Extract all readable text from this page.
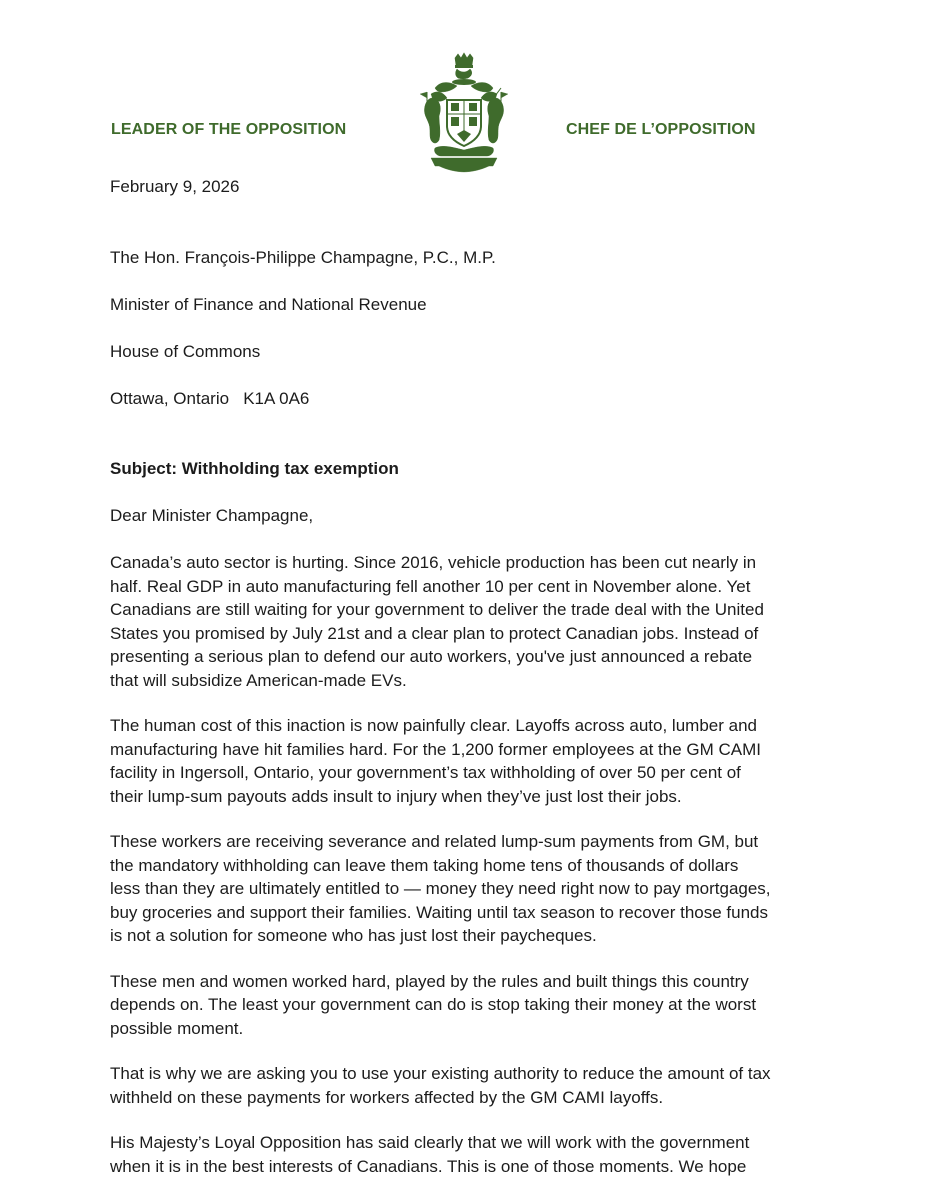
LEADER OF THE OPPOSITION	CHEF DE L’OPPOSITION

February 9, 2026

The Hon. François-Philippe Champagne, P.C., M.P.

Minister of Finance and National Revenue

House of Commons

Ottawa, Ontario   K1A 0A6

Subject: Withholding tax exemption

Dear Minister Champagne,

Canada’s auto sector is hurting. Since 2016, vehicle production has been cut nearly in
half. Real GDP in auto manufacturing fell another 10 per cent in November alone. Yet
Canadians are still waiting for your government to deliver the trade deal with the United
States you promised by July 21st and a clear plan to protect Canadian jobs. Instead of
presenting a serious plan to defend our auto workers, you've just announced a rebate
that will subsidize American-made EVs.

The human cost of this inaction is now painfully clear. Layoffs across auto, lumber and
manufacturing have hit families hard. For the 1,200 former employees at the GM CAMI
facility in Ingersoll, Ontario, your government’s tax withholding of over 50 per cent of
their lump-sum payouts adds insult to injury when they’ve just lost their jobs.

These workers are receiving severance and related lump-sum payments from GM, but
the mandatory withholding can leave them taking home tens of thousands of dollars
less than they are ultimately entitled to — money they need right now to pay mortgages,
buy groceries and support their families. Waiting until tax season to recover those funds
is not a solution for someone who has just lost their paycheques.

These men and women worked hard, played by the rules and built things this country
depends on. The least your government can do is stop taking their money at the worst
possible moment.

That is why we are asking you to use your existing authority to reduce the amount of tax
withheld on these payments for workers affected by the GM CAMI layoffs.

His Majesty’s Loyal Opposition has said clearly that we will work with the government
when it is in the best interests of Canadians. This is one of those moments. We hope
